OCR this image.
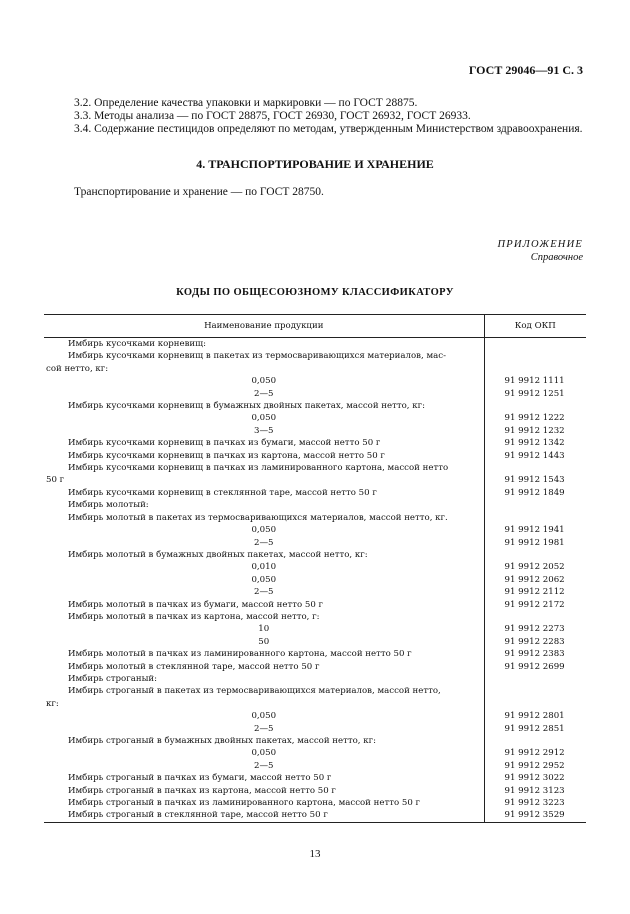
ГОСТ 29046—91 С. 3

3.2. Определение качества упаковки и маркировки — по ГОСТ 28875.

3.3. Методы анализа — по ГОСТ 28875, ГОСТ 26930, ГОСТ 26932, ГОСТ 26933.

3.4. Содержание пестицидов определяют по методам, утвержденным Министерством здравоохранения.

4. ТРАНСПОРТИРОВАНИЕ И ХРАНЕНИЕ
Транспортирование и хранение — по ГОСТ 28750.
ПРИЛОЖЕНИЕ
Справочное
КОДЫ ПО ОБЩЕСОЮЗНОМУ КЛАССИФИКАТОРУ
Наименование продукции	Код ОКП
Имбирь кусочками корневищ:	
Имбирь кусочками корневищ в пакетах из термосваривающихся материалов, мас-	
сой нетто, кг:	

0,050	91 9912 1111

2—5	91 9912 1251
Имбирь кусочками корневищ в бумажных двойных пакетах, массой нетто, кг:	

0,050	91 9912 1222

3—5	91 9912 1232
Имбирь кусочками корневищ в пачках из бумаги, массой нетто 50 г	91 9912 1342
Имбирь кусочками корневищ в пачках из картона, массой нетто 50 г	91 9912 1443
Имбирь кусочками корневищ в пачках из ламинированного картона, массой нетто	
50 г	91 9912 1543
Имбирь кусочками корневищ в стеклянной таре, массой нетто 50 г	91 9912 1849
Имбирь молотый:	
Имбирь молотый в пакетах из термосваривающихся материалов, массой нетто, кг.	

0,050	91 9912 1941

2—5	91 9912 1981
Имбирь молотый в бумажных двойных пакетах, массой нетто, кг:	

0,010	91 9912 2052

0,050	91 9912 2062

2—5	91 9912 2112
Имбирь молотый в пачках из бумаги, массой нетто 50 г	91 9912 2172
Имбирь молотый в пачках из картона, массой нетто, г:	

10	91 9912 2273

50	91 9912 2283
Имбирь молотый в пачках из ламинированного картона, массой нетто 50 г	91 9912 2383
Имбирь молотый в стеклянной таре, массой нетто 50 г	91 9912 2699
Имбирь строганый:	
Имбирь строганый в пакетах из термосваривающихся материалов, массой нетто,	
кг:	

0,050	91 9912 2801

2—5	91 9912 2851
Имбирь строганый в бумажных двойных пакетах, массой нетто, кг:	

0,050	91 9912 2912

2—5	91 9912 2952
Имбирь строганый в пачках из бумаги, массой нетто 50 г	91 9912 3022
Имбирь строганый в пачках из картона, массой нетто 50 г	91 9912 3123
Имбирь строганый в пачках из ламинированного картона, массой нетто 50 г	91 9912 3223
Имбирь строганый в стеклянной таре, массой нетто 50 г	91 9912 3529
13
